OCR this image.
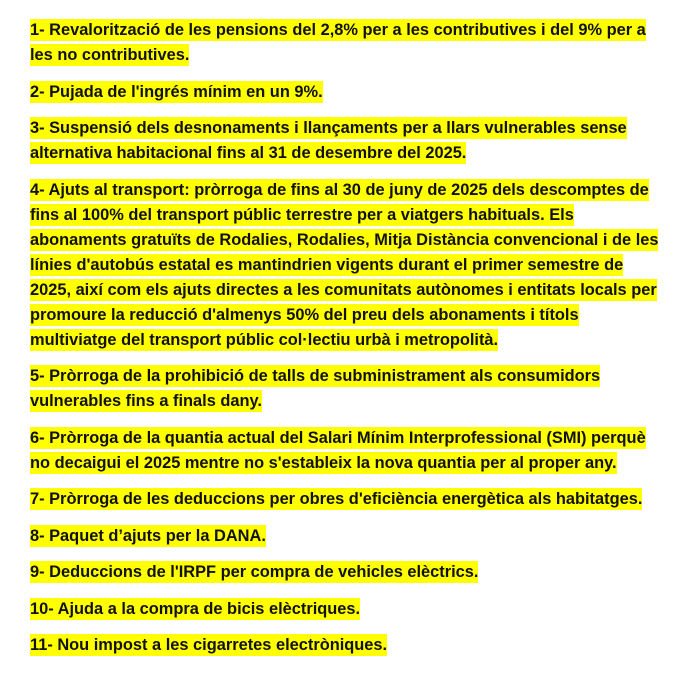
1- Revalorització de les pensions del 2,8% per a les contributives i del 9% per a les no contributives.

2- Pujada de l'ingrés mínim en un 9%.

3- Suspensió dels desnonaments i llançaments per a llars vulnerables sense alternativa habitacional fins al 31 de desembre del 2025.

4- Ajuts al transport: pròrroga de fins al 30 de juny de 2025 dels descomptes de fins al 100% del transport públic terrestre per a viatgers habituals. Els abonaments gratuïts de Rodalies, Rodalies, Mitja Distància convencional i de les línies d'autobús estatal es mantindrien vigents durant el primer semestre de 2025, així com els ajuts directes a les comunitats autònomes i entitats locals per promoure la reducció d'almenys 50% del preu dels abonaments i títols multiviatge del transport públic col·lectiu urbà i metropolità.

5- Pròrroga de la prohibició de talls de subministrament als consumidors vulnerables fins a finals dany.

6- Pròrroga de la quantia actual del Salari Mínim Interprofessional (SMI) perquè no decaigui el 2025 mentre no s'estableix la nova quantia per al proper any.

7- Pròrroga de les deduccions per obres d'eficiència energètica als habitatges.

8- Paquet d’ajuts per la DANA.

9- Deduccions de l'IRPF per compra de vehicles elèctrics.

10- Ajuda a la compra de bicis elèctriques.

11- Nou impost a les cigarretes electròniques.
